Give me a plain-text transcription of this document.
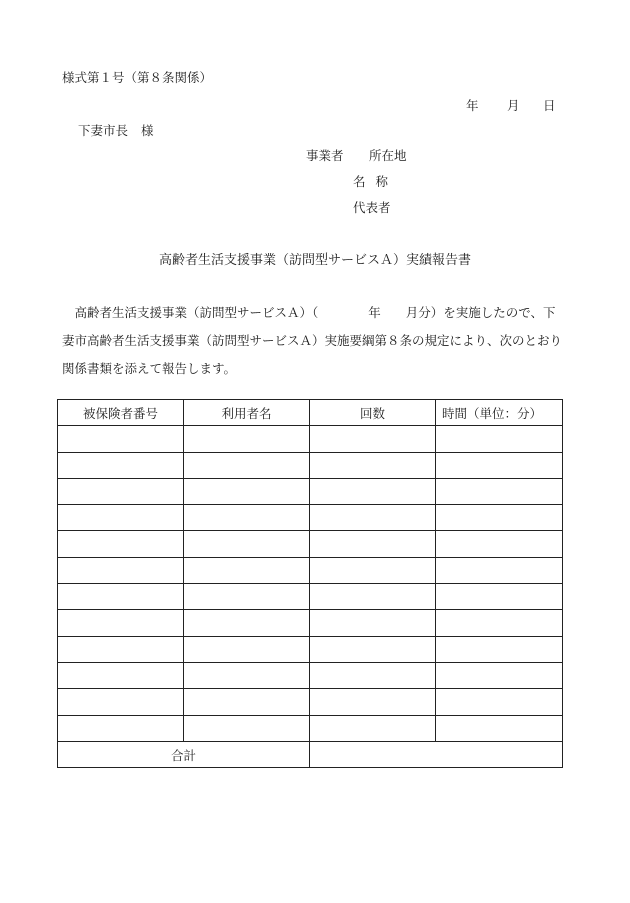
様式第１号（第８条関係）
年 月 日
下妻市長 様
事業者 所在地
名称
代表者
高齢者生活支援事業（訪問型サービスＡ）実績報告書

　高齢者生活支援事業（訪問型サービスＡ）（　　　　年　　月分）を実施したので、下

妻市高齢者生活支援事業（訪問型サービスＡ）実施要綱第８条の規定により、次のとおり

関係書類を添えて報告します。

被保険者番号	利用者名	回数	時間（単位：分）

合計			
